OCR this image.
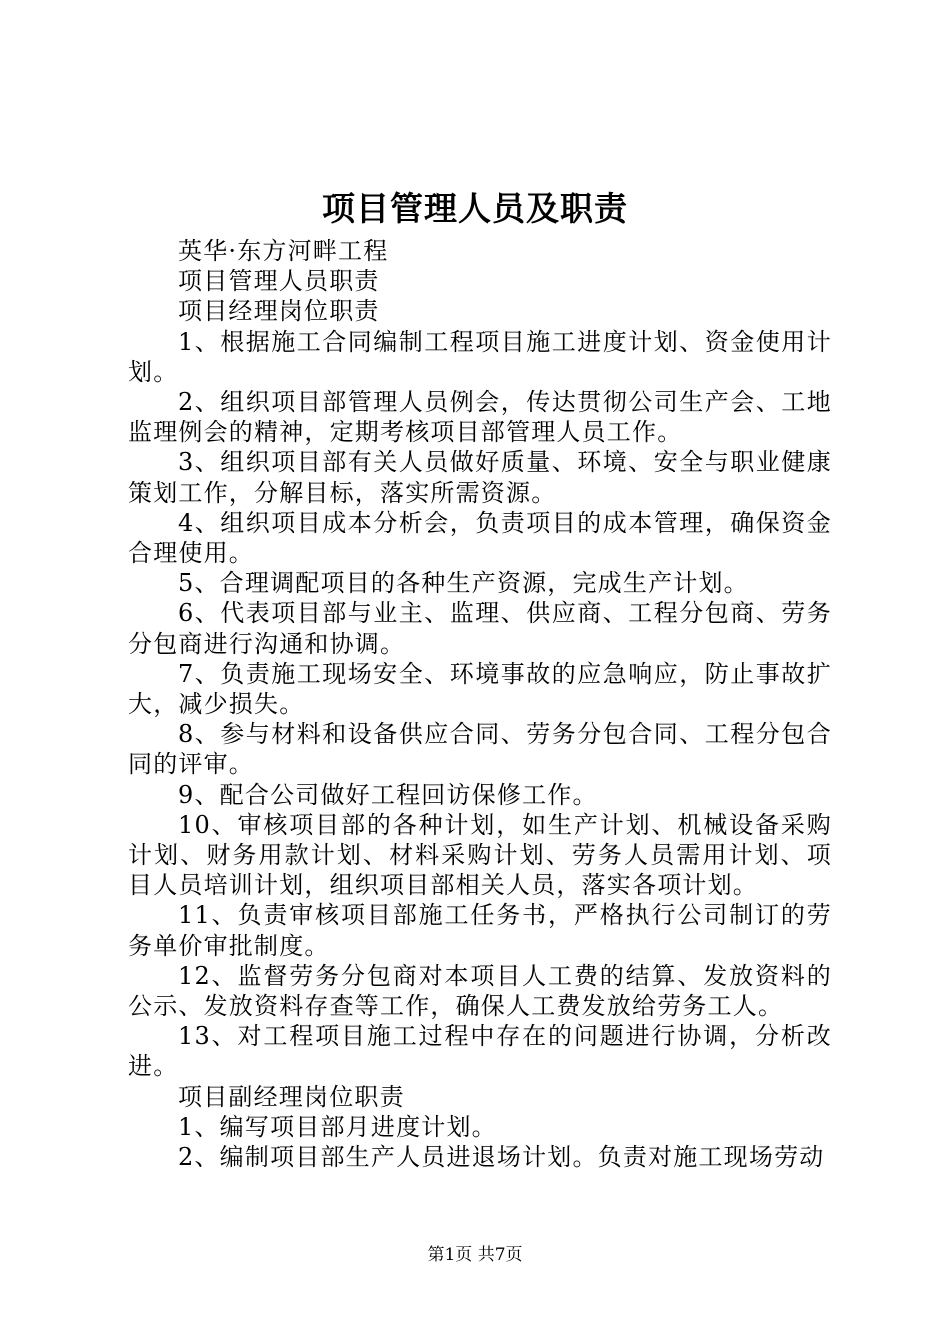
项目管理人员及职责

英华·东方河畔工程

项目管理人员职责

项目经理岗位职责

1、根据施工合同编制工程项目施工进度计划、资金使用计划。

2、组织项目部管理人员例会，传达贯彻公司生产会、工地监理例会的精神，定期考核项目部管理人员工作。

3、组织项目部有关人员做好质量、环境、安全与职业健康策划工作，分解目标，落实所需资源。

4、组织项目成本分析会，负责项目的成本管理，确保资金合理使用。

5、合理调配项目的各种生产资源，完成生产计划。

6、代表项目部与业主、监理、供应商、工程分包商、劳务分包商进行沟通和协调。

7、负责施工现场安全、环境事故的应急响应，防止事故扩大，减少损失。

8、参与材料和设备供应合同、劳务分包合同、工程分包合同的评审。

9、配合公司做好工程回访保修工作。

10、审核项目部的各种计划，如生产计划、机械设备采购计划、财务用款计划、材料采购计划、劳务人员需用计划、项目人员培训计划，组织项目部相关人员，落实各项计划。

11、负责审核项目部施工任务书，严格执行公司制订的劳务单价审批制度。

12、监督劳务分包商对本项目人工费的结算、发放资料的公示、发放资料存查等工作，确保人工费发放给劳务工人。

13、对工程项目施工过程中存在的问题进行协调，分析改进。

项目副经理岗位职责

1、编写项目部月进度计划。

2、编制项目部生产人员进退场计划。负责对施工现场劳动

第1页 共7页
